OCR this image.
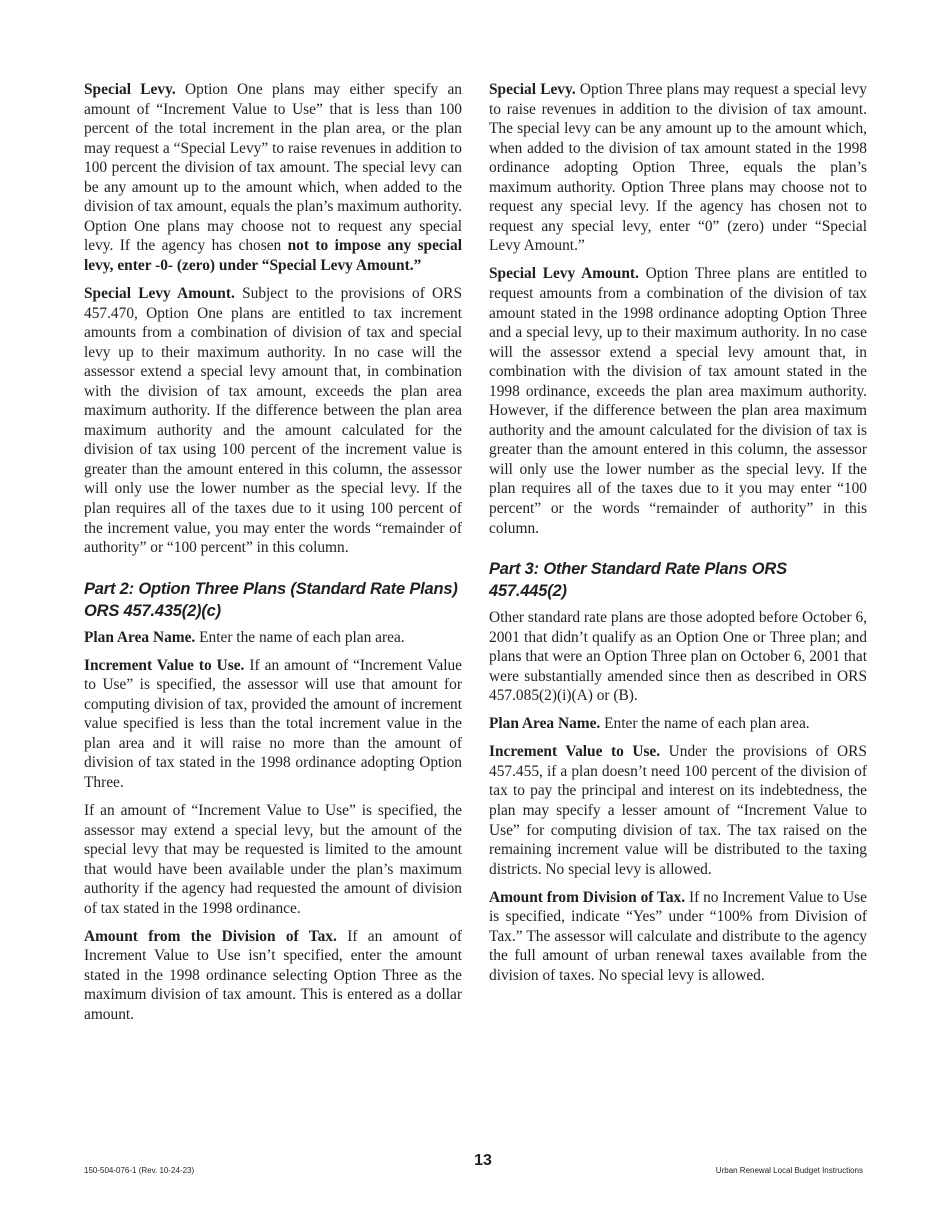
Special Levy. Option One plans may either specify an amount of “Increment Value to Use” that is less than 100 percent of the total increment in the plan area, or the plan may request a “Special Levy” to raise revenues in addition to 100 percent the division of tax amount. The special levy can be any amount up to the amount which, when added to the division of tax amount, equals the plan’s maximum authority. Option One plans may choose not to request any special levy. If the agency has chosen not to impose any special levy, enter -0- (zero) under “Special Levy Amount.”

Special Levy Amount. Subject to the provisions of ORS 457.470, Option One plans are entitled to tax increment amounts from a combination of division of tax and special levy up to their maximum authority. In no case will the assessor extend a special levy amount that, in combination with the division of tax amount, exceeds the plan area maximum authority. If the difference between the plan area maximum authority and the amount calculated for the division of tax using 100 percent of the increment value is greater than the amount entered in this column, the assessor will only use the lower number as the special levy. If the plan requires all of the taxes due to it using 100 percent of the increment value, you may enter the words “remainder of authority” or “100 percent” in this column.

Part 2: Option Three Plans (Standard Rate Plans) ORS 457.435(2)(c)

Plan Area Name. Enter the name of each plan area.

Increment Value to Use. If an amount of “Increment Value to Use” is specified, the assessor will use that amount for computing division of tax, provided the amount of increment value specified is less than the total increment value in the plan area and it will raise no more than the amount of division of tax stated in the 1998 ordinance adopting Option Three.

If an amount of “Increment Value to Use” is specified, the assessor may extend a special levy, but the amount of the special levy that may be requested is limited to the amount that would have been available under the plan’s maximum authority if the agency had requested the amount of division of tax stated in the 1998 ordinance.

Amount from the Division of Tax. If an amount of Increment Value to Use isn’t specified, enter the amount stated in the 1998 ordinance selecting Option Three as the maximum division of tax amount. This is entered as a dollar amount.

Special Levy. Option Three plans may request a special levy to raise revenues in addition to the division of tax amount. The special levy can be any amount up to the amount which, when added to the division of tax amount stated in the 1998 ordinance adopting Option Three, equals the plan’s maximum authority. Option Three plans may choose not to request any special levy. If the agency has chosen not to request any special levy, enter “0” (zero) under “Special Levy Amount.”

Special Levy Amount. Option Three plans are entitled to request amounts from a combination of the division of tax amount stated in the 1998 ordinance adopting Option Three and a special levy, up to their maximum authority. In no case will the assessor extend a special levy amount that, in combination with the division of tax amount stated in the 1998 ordinance, exceeds the plan area maximum authority. However, if the difference between the plan area maximum authority and the amount calculated for the division of tax is greater than the amount entered in this column, the assessor will only use the lower number as the special levy. If the plan requires all of the taxes due to it you may enter “100 percent” or the words “remainder of authority” in this column.

Part 3: Other Standard Rate Plans ORS 457.445(2)

Other standard rate plans are those adopted before October 6, 2001 that didn’t qualify as an Option One or Three plan; and plans that were an Option Three plan on October 6, 2001 that were substantially amended since then as described in ORS 457.085(2)(i)(A) or (B).

Plan Area Name. Enter the name of each plan area.

Increment Value to Use. Under the provisions of ORS 457.455, if a plan doesn’t need 100 percent of the division of tax to pay the principal and interest on its indebtedness, the plan may specify a lesser amount of “Increment Value to Use” for computing division of tax. The tax raised on the remaining increment value will be distributed to the taxing districts. No special levy is allowed.

Amount from Division of Tax. If no Increment Value to Use is specified, indicate “Yes” under “100% from Division of Tax.” The assessor will calculate and distribute to the agency the full amount of urban renewal taxes available from the division of taxes. No special levy is allowed.

150-504-076-1 (Rev. 10-24-23)
13
Urban Renewal Local Budget Instructions
